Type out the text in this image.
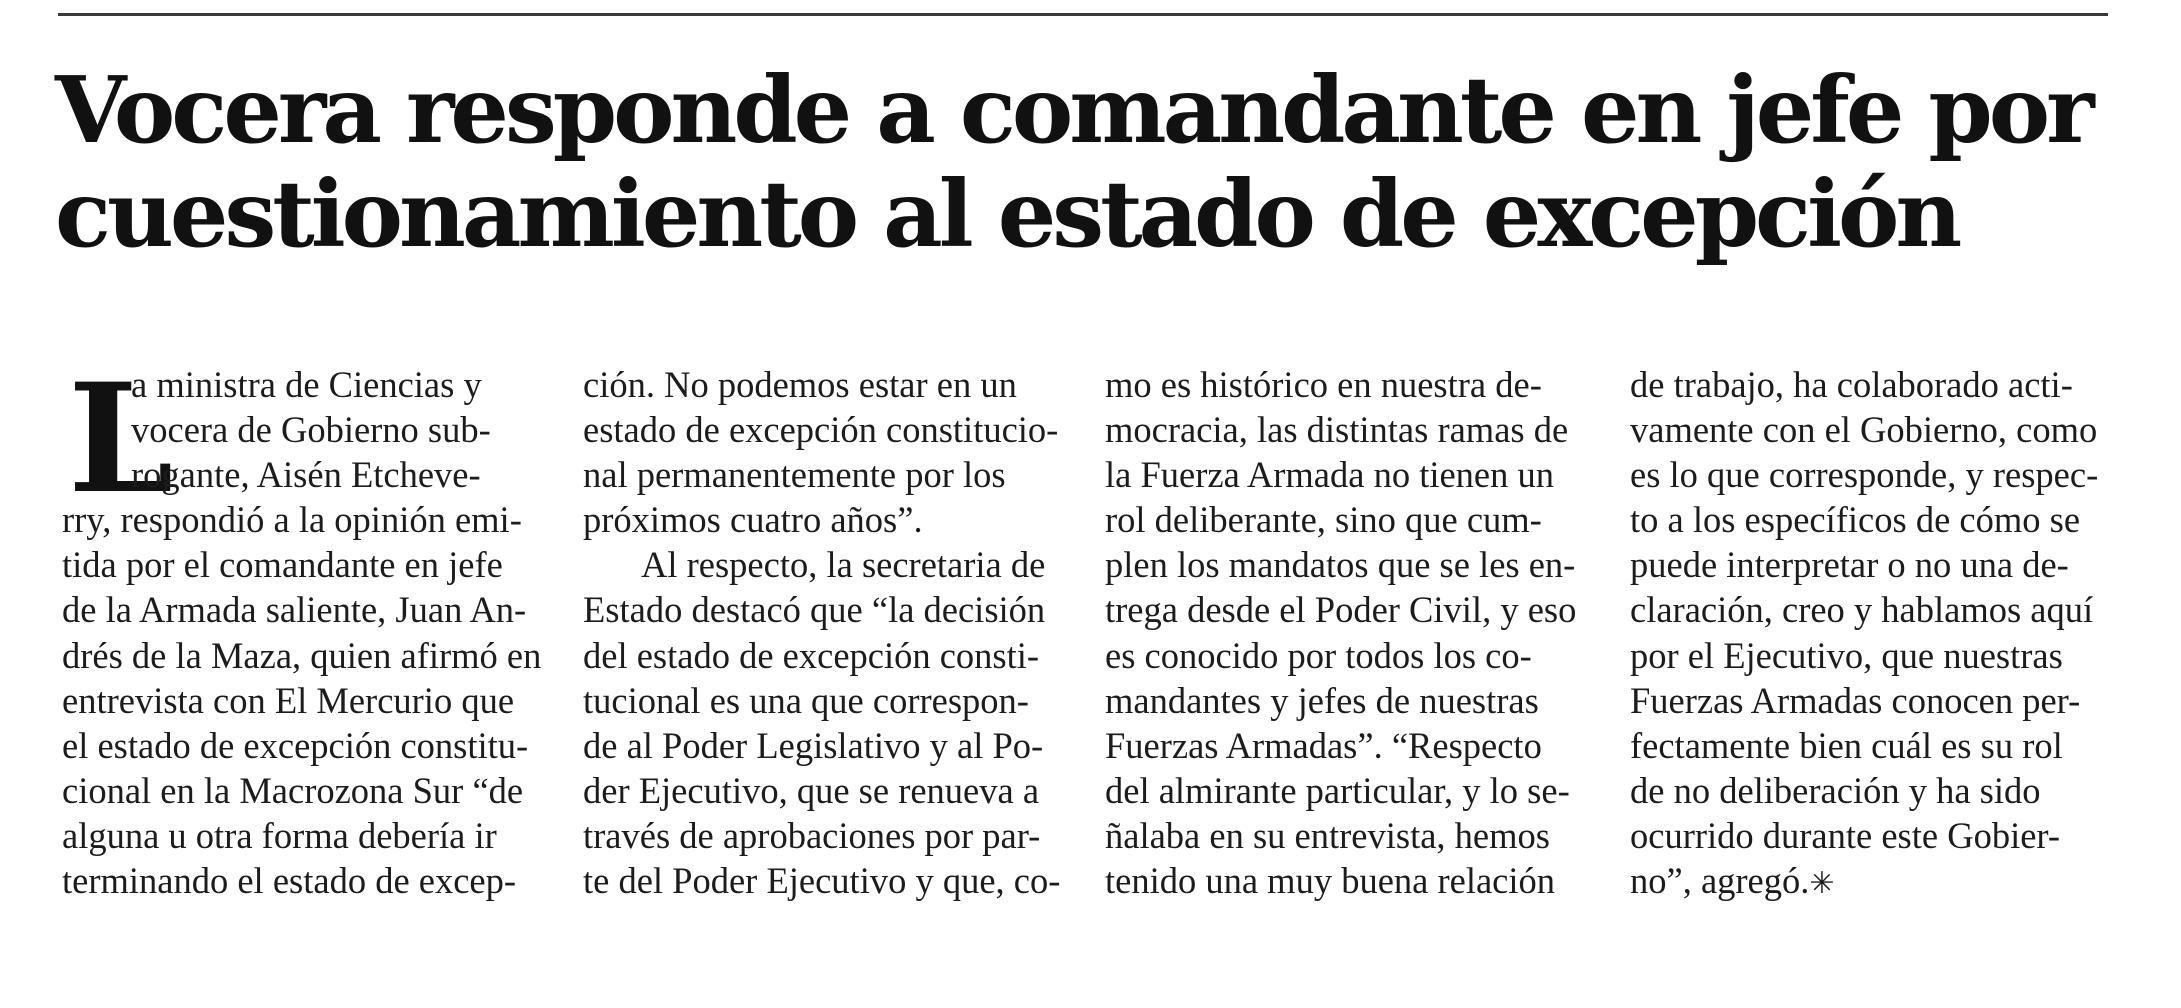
Vocera responde a comandante en jefe por
cuestionamiento al estado de excepción
L
a ministra de Ciencias y
vocera de Gobierno sub-
rogante, Aisén Etcheve-
rry, respondió a la opinión emi-
tida por el comandante en jefe
de la Armada saliente, Juan An-
drés de la Maza, quien afirmó en
entrevista con El Mercurio que
el estado de excepción constitu-
cional en la Macrozona Sur “de
alguna u otra forma debería ir
terminando el estado de excep-
ción. No podemos estar en un
estado de excepción constitucio-
nal permanentemente por los
próximos cuatro años”.
Al respecto, la secretaria de
Estado destacó que “la decisión
del estado de excepción consti-
tucional es una que correspon-
de al Poder Legislativo y al Po-
der Ejecutivo, que se renueva a
través de aprobaciones por par-
te del Poder Ejecutivo y que, co-
mo es histórico en nuestra de-
mocracia, las distintas ramas de
la Fuerza Armada no tienen un
rol deliberante, sino que cum-
plen los mandatos que se les en-
trega desde el Poder Civil, y eso
es conocido por todos los co-
mandantes y jefes de nuestras
Fuerzas Armadas”. “Respecto
del almirante particular, y lo se-
ñalaba en su entrevista, hemos
tenido una muy buena relación
de trabajo, ha colaborado acti-
vamente con el Gobierno, como
es lo que corresponde, y respec-
to a los específicos de cómo se
puede interpretar o no una de-
claración, creo y hablamos aquí
por el Ejecutivo, que nuestras
Fuerzas Armadas conocen per-
fectamente bien cuál es su rol
de no deliberación y ha sido
ocurrido durante este Gobier-
no”, agregó.✳
